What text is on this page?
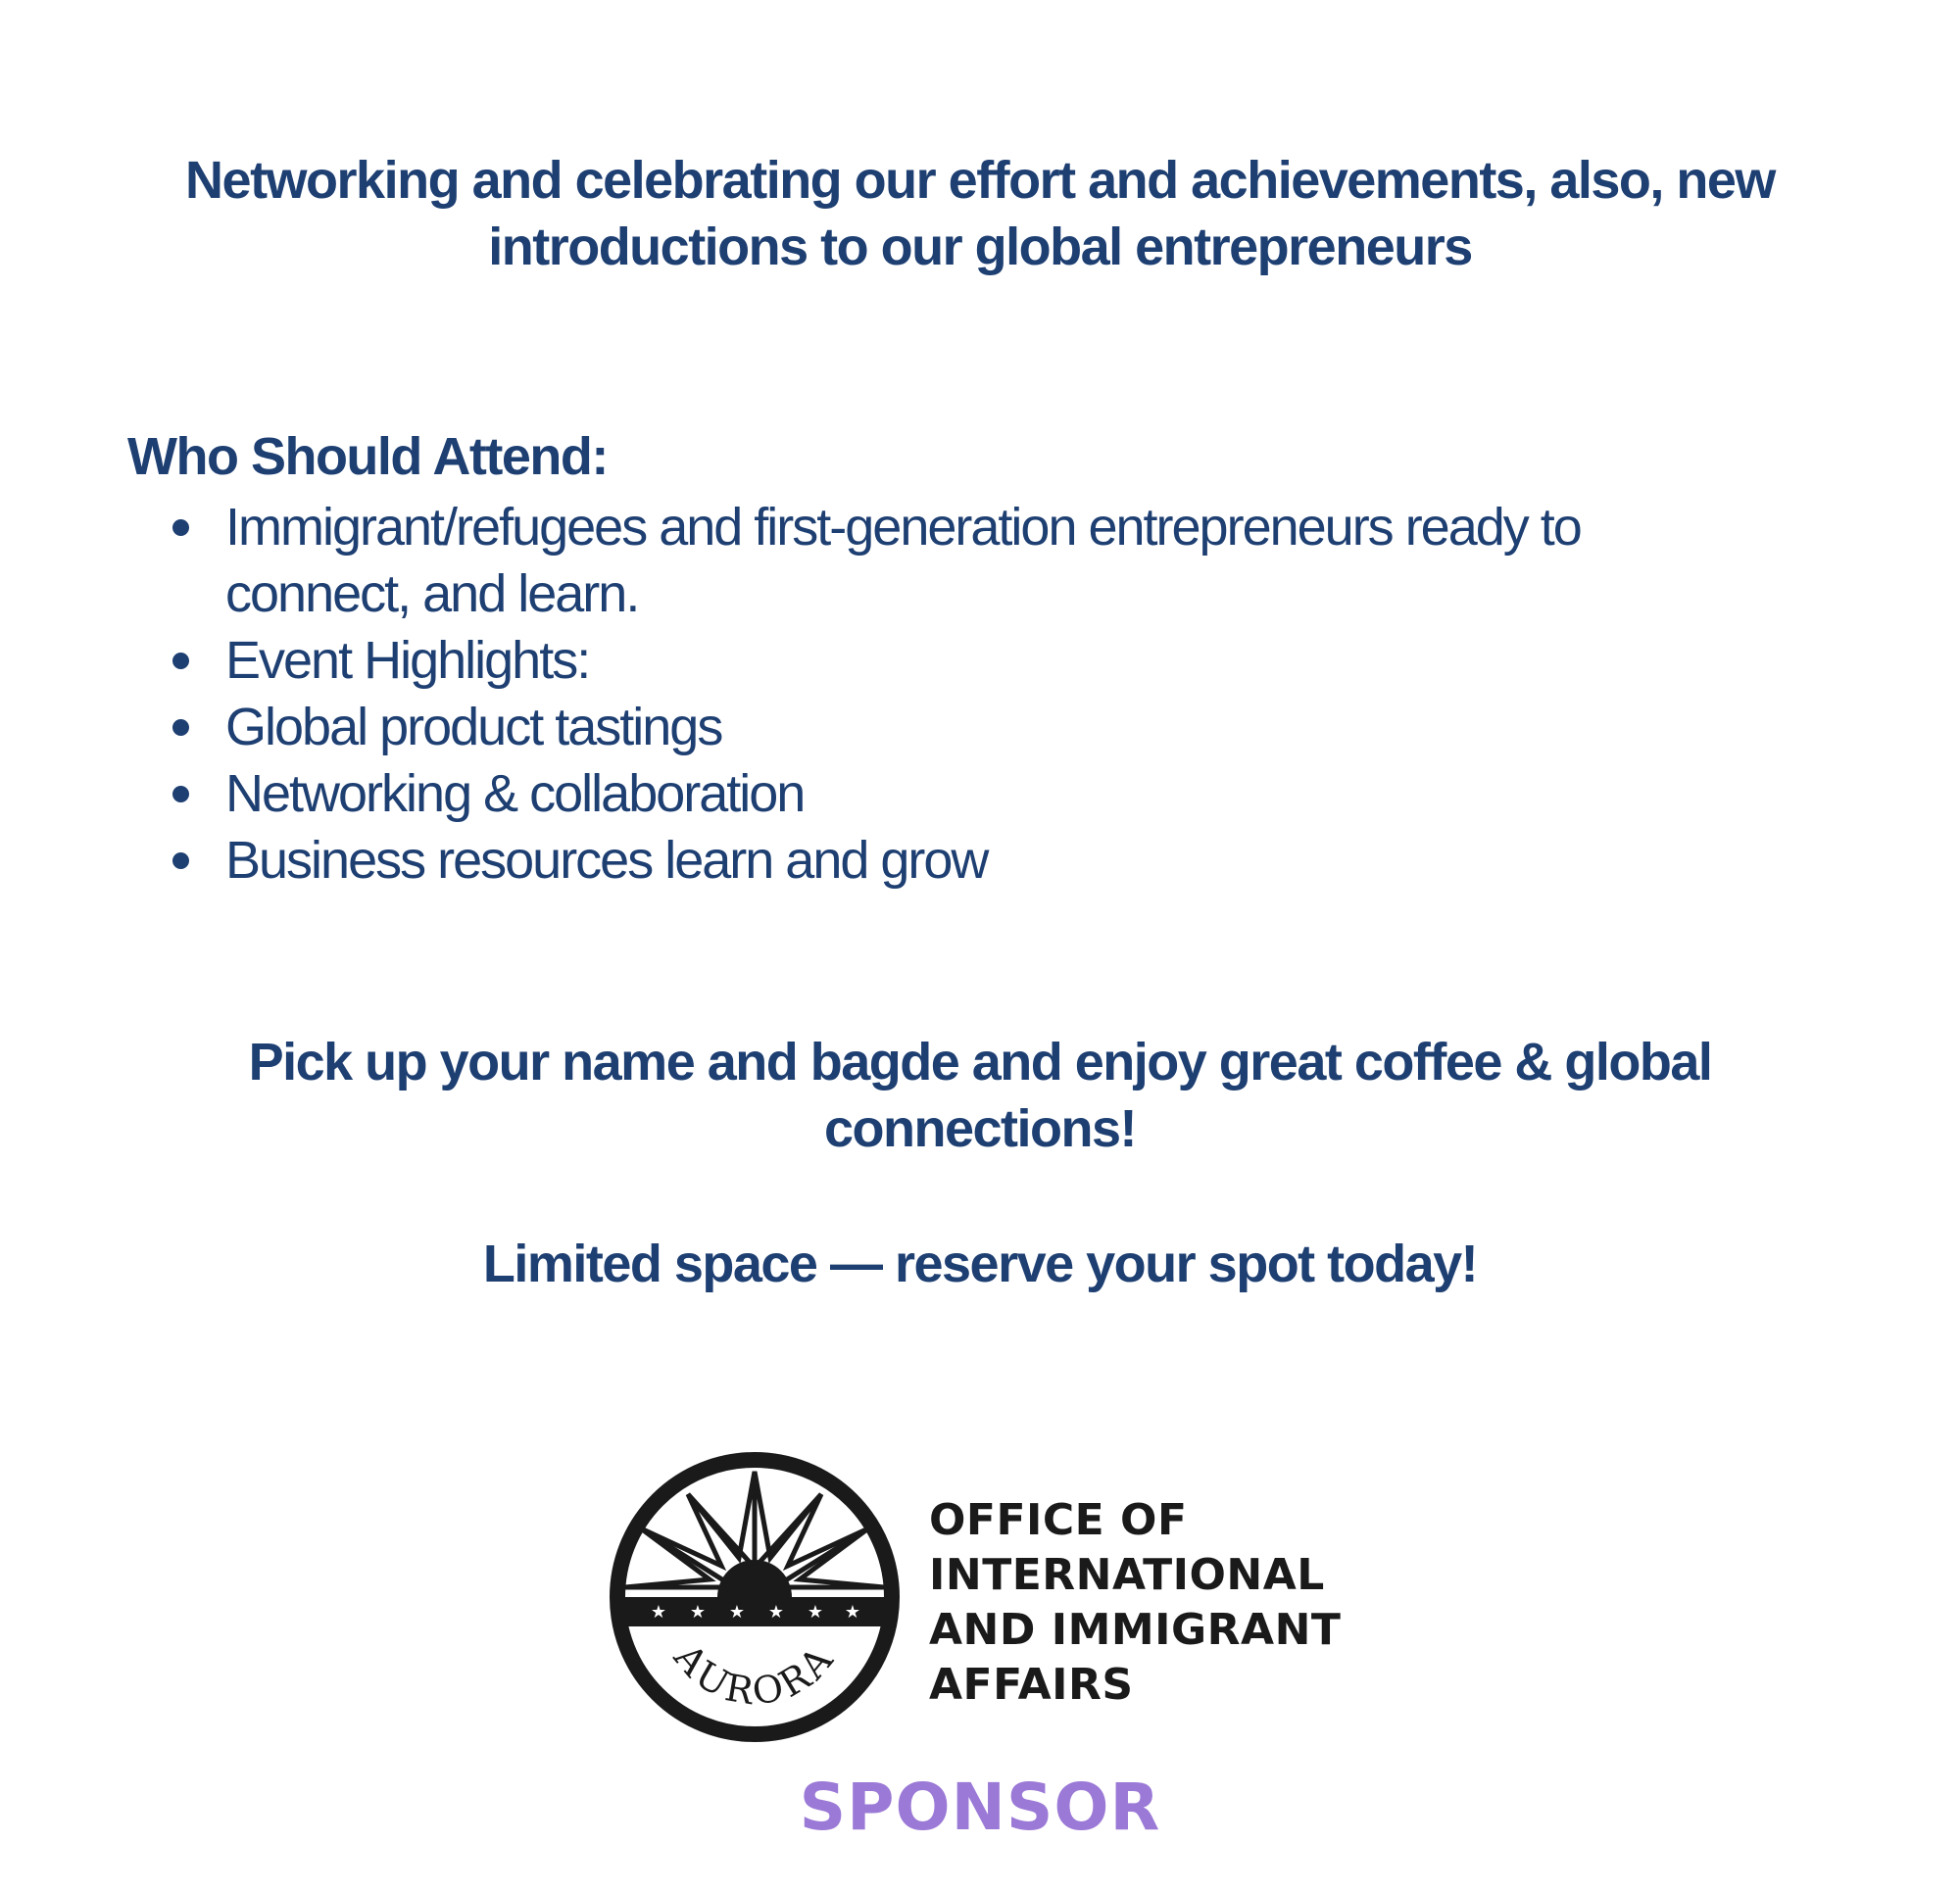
Networking and celebrating our effort and achievements, also, new introductions to our global entrepreneurs

Who Should Attend:

Immigrant/refugees and first-generation entrepreneurs ready to connect, and learn.
Event Highlights:
Global product tastings
Networking & collaboration
Business resources learn and grow

Pick up your name and bagde and enjoy great coffee & global connections!

Limited space — reserve your spot today!

★ ★ ★ ★ ★ ★
AURORA
OFFICE OF
INTERNATIONAL
AND IMMIGRANT
AFFAIRS
SPONSOR
